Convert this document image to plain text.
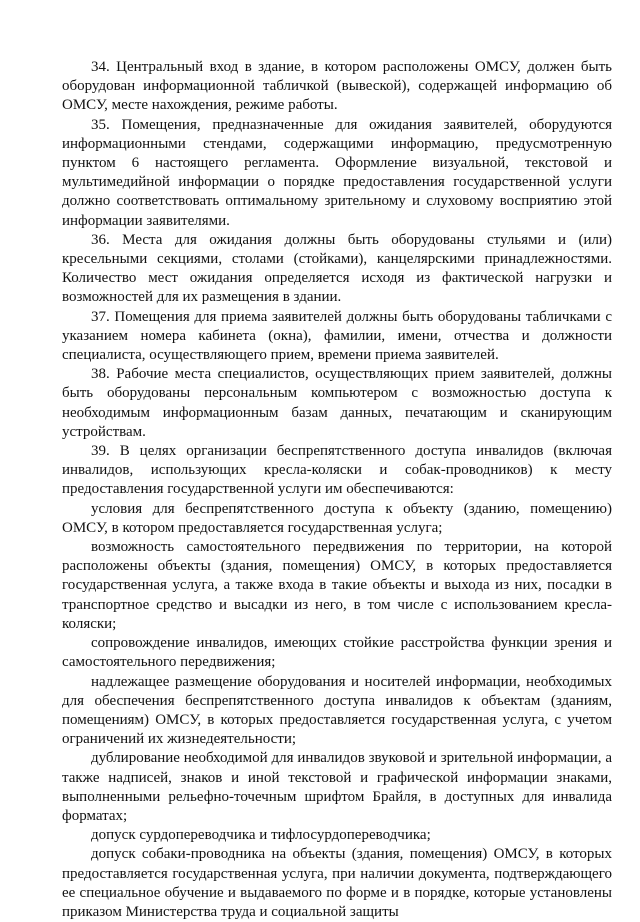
34. Центральный вход в здание, в котором расположены ОМСУ, должен быть оборудован информационной табличкой (вывеской), содержащей информацию об ОМСУ, месте нахождения, режиме работы.

35. Помещения, предназначенные для ожидания заявителей, оборудуются информационными стендами, содержащими информацию, предусмотренную пунктом 6 настоящего регламента. Оформление визуальной, текстовой и мультимедийной информации о порядке предоставления государственной услуги должно соответствовать оптимальному зрительному и слуховому восприятию этой информации заявителями.

36. Места для ожидания должны быть оборудованы стульями и (или) кресельными секциями, столами (стойками), канцелярскими принадлежностями. Количество мест ожидания определяется исходя из фактической нагрузки и возможностей для их размещения в здании.

37. Помещения для приема заявителей должны быть оборудованы табличками с указанием номера кабинета (окна), фамилии, имени, отчества и должности специалиста, осуществляющего прием, времени приема заявителей.

38. Рабочие места специалистов, осуществляющих прием заявителей, должны быть оборудованы персональным компьютером с возможностью доступа к необходимым информационным базам данных, печатающим и сканирующим устройствам.

39. В целях организации беспрепятственного доступа инвалидов (включая инвалидов, использующих кресла-коляски и собак-проводников) к месту предоставления государственной услуги им обеспечиваются:

условия для беспрепятственного доступа к объекту (зданию, помещению) ОМСУ, в котором предоставляется государственная услуга;

возможность самостоятельного передвижения по территории, на которой расположены объекты (здания, помещения) ОМСУ, в которых предоставляется государственная услуга, а также входа в такие объекты и выхода из них, посадки в транспортное средство и высадки из него, в том числе с использованием кресла-коляски;

сопровождение инвалидов, имеющих стойкие расстройства функции зрения и самостоятельного передвижения;

надлежащее размещение оборудования и носителей информации, необходимых для обеспечения беспрепятственного доступа инвалидов к объектам (зданиям, помещениям) ОМСУ, в которых предоставляется государственная услуга, с учетом ограничений их жизнедеятельности;

дублирование необходимой для инвалидов звуковой и зрительной информации, а также надписей, знаков и иной текстовой и графической информации знаками, выполненными рельефно-точечным шрифтом Брайля, в доступных для инвалида форматах;

допуск сурдопереводчика и тифлосурдопереводчика;

допуск собаки-проводника на объекты (здания, помещения) ОМСУ, в которых предоставляется государственная услуга, при наличии документа, подтверждающего ее специальное обучение и выдаваемого по форме и в порядке, которые установлены приказом Министерства труда и социальной защиты
